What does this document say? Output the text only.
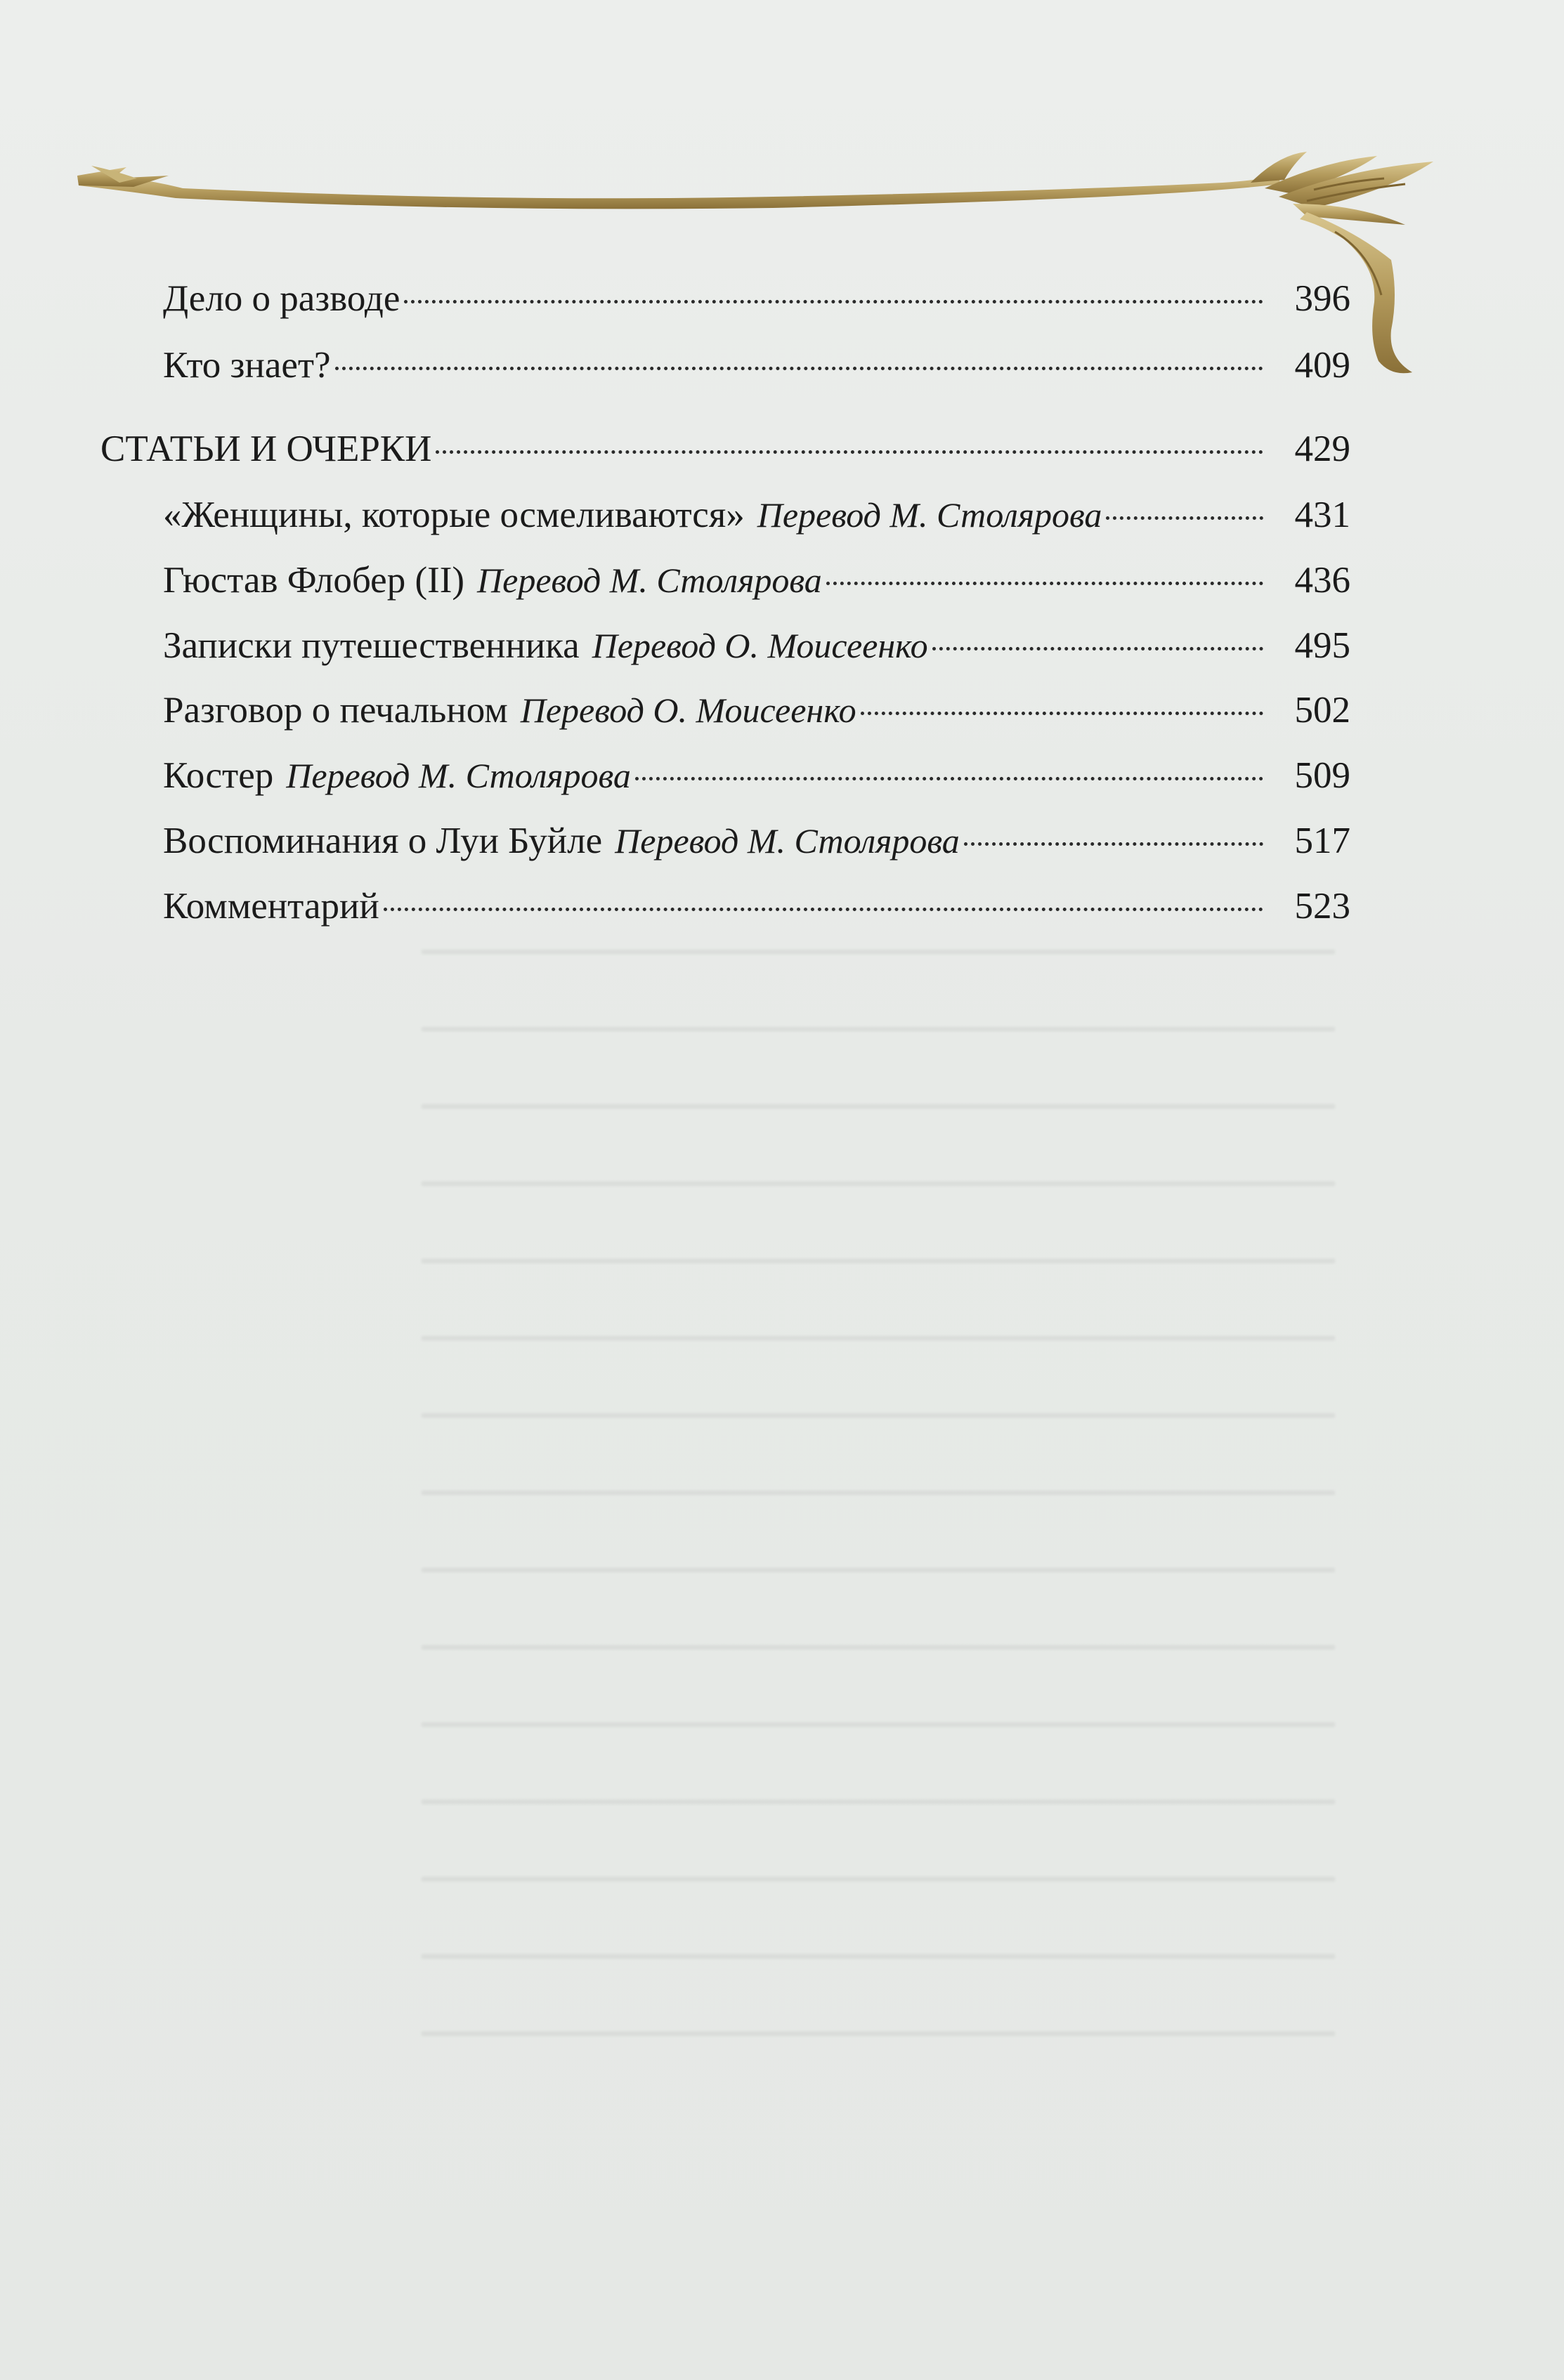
Дело о разводе	396
Кто знает?	409
СТАТЬИ И ОЧЕРКИ	429
«Женщины, которые осмеливаются» Перевод М. Столярова	431
Гюстав Флобер (II) Перевод М. Столярова	436
Записки путешественника Перевод О. Моисеенко	495
Разговор о печальном Перевод О. Моисеенко	502
Костер Перевод М. Столярова	509
Воспоминания о Луи Буйле Перевод М. Столярова	517
Комментарий	523
